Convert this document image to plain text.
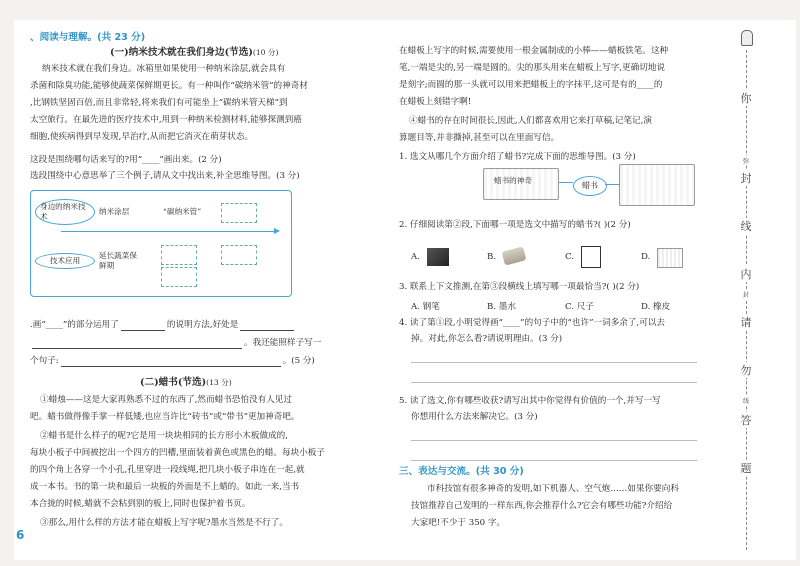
、阅读与理解。(共 23 分)
(一)纳米技术就在我们身边(节选)(10 分)
纳米技术就在我们身边。冰箱里如果使用一种纳米涂层,就会具有
杀菌和除臭功能,能够使蔬菜保鲜期更长。有一种叫作“碳纳米管”的神奇材
,比钢铁坚固百倍,而且非常轻,将来我们有可能坐上“碳纳米管天梯”到
太空旅行。在最先进的医疗技术中,用到一种纳米检测材料,能够探测到癌
细胞,使疾病得到早发现,早治疗,从而把它消灭在萌芽状态。
这段是围绕哪句话来写的?用“____”画出来。(2 分)
选段围绕中心意思举了三个例子,请从文中找出来,补全思维导图。(3 分)
身边的纳米技术
技术应用
纳米涂层	“碳纳米管”
延长蔬菜保鲜期
.画“____”的部分运用了	的说明方法,好处是
。我还能照样子写一
个句子:	。(5 分)
(二)蜡书(节选)(13 分)
①蜡烛——这是大家再熟悉不过的东西了,然而蜡书恐怕没有人见过
吧。蜡书做得像手掌一样低矮,也应当许比“砖书”或“带书”更加神奇吧。
②蜡书是什么样子的呢?它是用一块块相同的长方形小木板做成的,
每块小板子中间被挖出一个四方的凹槽,里面装着黄色或黑色的蜡。每块小板子
的四个角上各穿一个小孔,孔里穿进一段线绳,把几块小板子串连在一起,就
成一本书。书的第一块和最后一块板的外面是不上蜡的。如此一来,当书
本合拢的时候,蜡就不会粘到别的板上,同时也保护着书页。
③那么,用什么样的方法才能在蜡板上写字呢?墨水当然是不行了。
6
在蜡板上写字的时候,需要使用一根金属制成的小棒——蜡板铁笔。这种
笔,一端是尖的,另一端是圆的。尖的那头用来在蜡板上写字,更确切地说
是刻字;而圆的那一头就可以用来把蜡板上的字抹平,这可是有的____的
在蜡板上刻错字啊!
④蜡书的存在时间很长,因此,人们都喜欢用它来打草稿,记笔记,演
算题目等,并非撕掉,甚至可以在里面写信。
1. 选文从哪几个方面介绍了蜡书?完成下面的思维导图。(3 分)
蜡书的神奇
蜡书
2. 仔细阅读第②段,下面哪一项是选文中描写的蜡书?( )(2 分)
A.	B.	C.	D.
3. 联系上下文推测,在第③段横线上填写哪一项最恰当?( )(2 分)
A. 钢笔	B. 墨水	C. 尺子	D. 橡皮
4. 读了第①段,小明觉得画“____”的句子中的“也许”一词多余了,可以去
掉。对此,你怎么看?请说明理由。(3 分)
5. 读了选文,你有哪些收获?请写出其中你觉得有价值的一个,并写一写
你想用什么方法来解决它。(3 分)
三、表达与交流。(共 30 分)
市科技馆有很多神奇的发明,如下机器人、空气炮……如果你要向科
技馆推荐自己发明的一样东西,你会推荐什么?它会有哪些功能?介绍给
大家吧!不少于 350 字。
你
弥
封
线
内
封
请
勿
线
答
题
